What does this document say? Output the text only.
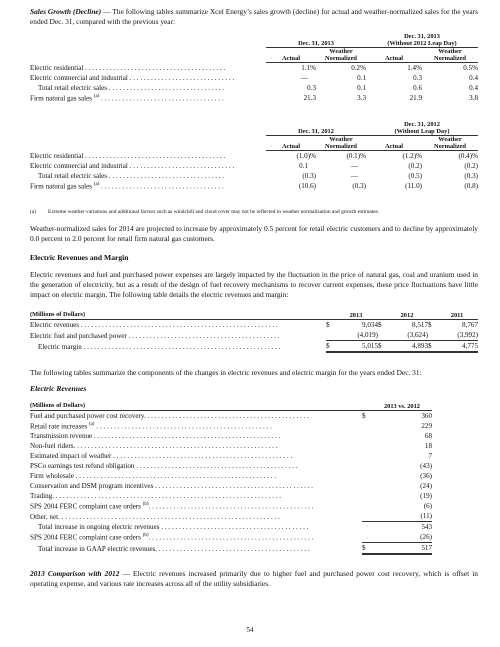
Sales Growth (Decline) — The following tables summarize Xcel Energy’s sales growth (decline) for actual and weather-normalized sales for the years ended Dec. 31, compared with the previous year:

	Dec. 31, 2013		Dec. 31, 2013
(Without 2012 Leap Day)	

	Actual	Weather Normalized	Actual	Weather Normalized
Electric residential . . . . . . . . . . . . . . . . . . . . . . . . . . . . . . . . . . . . . . . .	1.1%	0.2%	1.4%	0.5%
Electric commercial and industrial . . . . . . . . . . . . . . . . . . . . . . . . . . . . . .	—	0.1	0.3	0.4
Total retail electric sales . . . . . . . . . . . . . . . . . . . . . . . . . . . . . . . . .	0.3	0.1	0.6	0.4
Firm natural gas sales $^{(a)}$ . . . . . . . . . . . . . . . . . . . . . . . . . . . . . . . . . . .	21.3	3.3	21.9	3.8
	Dec. 31, 2012		Dec. 31, 2012
(Without Leap Day)	

	Actual	Weather Normalized	Actual	Weather Normalized
Electric residential . . . . . . . . . . . . . . . . . . . . . . . . . . . . . . . . . . . . . . . .	(1.0)%	(0.1)%	(1.2)%	(0.4)%
Electric commercial and industrial . . . . . . . . . . . . . . . . . . . . . . . . . . . . . .	0.1	—	(0.2)	(0.2)
Total retail electric sales . . . . . . . . . . . . . . . . . . . . . . . . . . . . . . . . .	(0.3)	—	(0.5)	(0.3)
Firm natural gas sales $^{(a)}$ . . . . . . . . . . . . . . . . . . . . . . . . . . . . . . . . . . .	(10.6)	(0.3)	(11.0)	(0.8)
(a) Extreme weather variations and additional factors such as windchill and cloud cover may not be reflected in weather normalization and growth estimates.

Weather-normalized sales for 2014 are projected to increase by approximately 0.5 percent for retail electric customers and to decline by approximately 0.0 percent to 2.0 percent for retail firm natural gas customers.

Electric Revenues and Margin

Electric revenues and fuel and purchased power expenses are largely impacted by the fluctuation in the price of natural gas, coal and uranium used in the generation of electricity, but as a result of the design of fuel recovery mechanisms to recover current expenses, these price fluctuations have little impact on electric margin. The following table details the electric revenues and margin:

(Millions of Dollars)		2013		2012		2011
Electric revenues . . . . . . . . . . . . . . . . . . . . . . . . . . . . . . . . . . . . . . . . . . . . . . . . . . . . . . . .	$	9,034	$	8,517	$	8,767
Electric fuel and purchased power . . . . . . . . . . . . . . . . . . . . . . . . . . . . . . . . . . . . . . . . . . .		(4,019)		(3,624)		(3,992)
Electric margin . . . . . . . . . . . . . . . . . . . . . . . . . . . . . . . . . . . . . . . . . . . . . . . . . . . . . . . .	$	5,015	$	4,893	$	4,775

The following tables summarize the components of the changes in electric revenues and electric margin for the years ended Dec. 31:

Electric Revenues
(Millions of Dollars)		2013 vs. 2012
Fuel and purchased power cost recovery. . . . . . . . . . . . . . . . . . . . . . . . . . . . . . . . . . . . . . . . . . . . . . .	$	360
Retail rate increases $^{(a)}$ . . . . . . . . . . . . . . . . . . . . . . . . . . . . . . . . . . . . . . . . . . . . . . . . . .		229
Transmission revenue . . . . . . . . . . . . . . . . . . . . . . . . . . . . . . . . . . . . . . . . . . . . . . . . . . . . .		68
Non-fuel riders. . . . . . . . . . . . . . . . . . . . . . . . . . . . . . . . . . . . . . . . . . . . . . . . . . . . . . . . . .		18
Estimated impact of weather . . . . . . . . . . . . . . . . . . . . . . . . . . . . . . . . . . . . . . . . . . . . . . . . . . .		7
PSCo earnings test refund obligation . . . . . . . . . . . . . . . . . . . . . . . . . . . . . . . . . . . . . . . . . . . . . .		(43)
Firm wholesale . . . . . . . . . . . . . . . . . . . . . . . . . . . . . . . . . . . . . . . . . . . . . . . . . . . . . . . . .		(36)
Conservation and DSM program incentives . . . . . . . . . . . . . . . . . . . . . . . . . . . . . . . . . . . . . . . . . . . . .		(24)
Trading. . . . . . . . . . . . . . . . . . . . . . . . . . . . . . . . . . . . . . . . . . . . . . . . . . . . . . . . . . . . . . . . .		(19)
SPS 2004 FERC complaint case orders $^{(b)}$. . . . . . . . . . . . . . . . . . . . . . . . . . . . . . . . . . . . . . . . . . . . . . .		(6)
Other, net. . . . . . . . . . . . . . . . . . . . . . . . . . . . . . . . . . . . . . . . . . . . . . . . . . . . . . . . . . . . . . .		(11)
Total increase in ongoing electric revenues . . . . . . . . . . . . . . . . . . . . . . . . . . . . . . . . . . . . . . . . . .		543
SPS 2004 FERC complaint case orders $^{(b)}$. . . . . . . . . . . . . . . . . . . . . . . . . . . . . . . . . . . . . . . . . . . . . . .		(26)
Total increase in GAAP electric revenues. . . . . . . . . . . . . . . . . . . . . . . . . . . . . . . . . . . . . . . . . . . .	$	517

2013 Comparison with 2012 — Electric revenues increased primarily due to higher fuel and purchased power cost recovery, which is offset in operating expense, and various rate increases across all of the utility subsidiaries.

54
